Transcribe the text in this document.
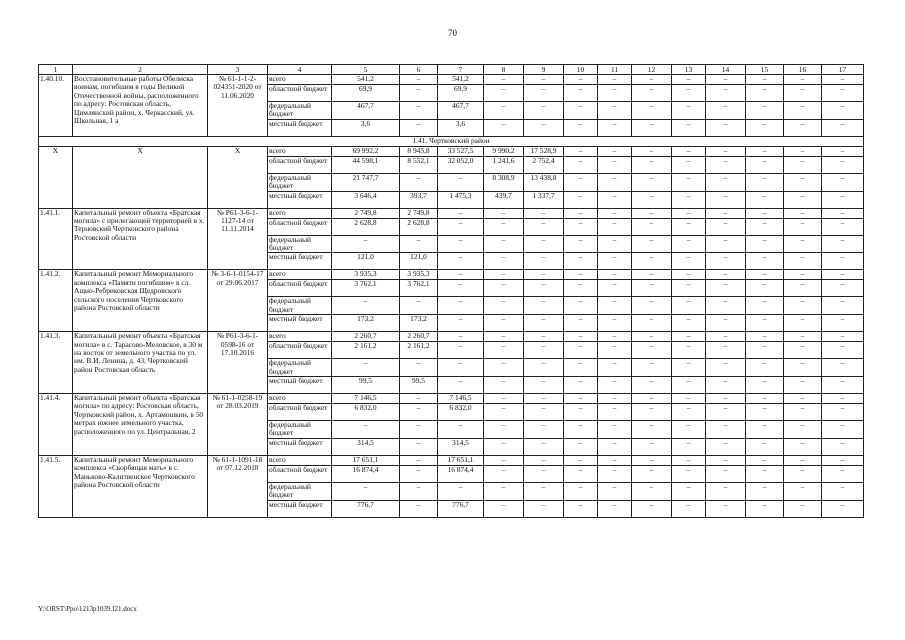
70
1	2	3	4	5	6	7	8	9	10	11	12	13	14	15	16	17
1.40.10.	Восстановительные работы Обелиска воинам, погибшим в годы Великой Отечественной войны, расположенного по адресу: Ростовская область, Цимлянский район, х. Черкасский, ул. Школьная, 1 а	№ 61-1-1-2-024351-2020 от 11.06.2020	всего	541,2	–	541,2	–	–	–	–	–	–	–	–	–	–
			областной бюджет	69,9	–	69,9	–	–	–	–	–	–	–	–	–	–
			федеральный бюджет	467,7	–	467,7	–	–	–	–	–	–	–	–	–	–
			местный бюджет	3,6	–	3,6	–	–	–	–	–	–	–	–	–	–
1.41. Чертковский район																
X	X	X	всего	69 992,2	8 945,8	33 527,5	9 990,2	17 528,9	–	–	–	–	–	–	–	–
			областной бюджет	44 598,1	8 552,1	32 052,0	1 241,6	2 752,4	–	–	–	–	–	–	–	–
			федеральный бюджет	21 747,7	–	–	8 308,9	13 438,8	–	–	–	–	–	–	–	–
			местный бюджет	3 646,4	393,7	1 475,3	439,7	1 337,7	–	–	–	–	–	–	–	–
1.41.1.	Капитальный ремонт объекта «Братская могила» с прилегающей территорией в х. Терновский Чертковского района Ростовской области	№ Р61-3-6-1-1127-14 от 11.11.2014	всего	2 749,8	2 749,8	–	–	–	–	–	–	–	–	–	–	–
			областной бюджет	2 628,8	2 628,8	–	–	–	–	–	–	–	–	–	–	–
			федеральный бюджет	–	–	–	–	–	–	–	–	–	–	–	–	–
			местный бюджет	121,0	121,0	–	–	–	–	–	–	–	–	–	–	–
1.41.2.	Капитальный ремонт Мемориального комплекса «Памяти погибшим» в сл. Ащно-Ребриковская Щедровского сельского поселения Чертковского района Ростовской области	№ 3-6-1-0154-17 от 29.06.2017	всего	3 935,3	3 935,3	–	–	–	–	–	–	–	–	–	–	–
			областной бюджет	3 762,1	3 762,1	–	–	–	–	–	–	–	–	–	–	–
			федеральный бюджет	–	–	–	–	–	–	–	–	–	–	–	–	–
			местный бюджет	173,2	173,2	–	–	–	–	–	–	–	–	–	–	–
1.41.3.	Капитальный ремонт объекта «Братская могила» в с. Тарасово-Меловское, в 30 м на восток от земельного участка по ул. им. В.И. Ленина, д. 43, Чертковский район Ростовская область	№ Р61-3-6-1-0598-16 от 17.10.2016	всего	2 260,7	2 260,7	–	–	–	–	–	–	–	–	–	–	–
			областной бюджет	2 161,2	2 161,2	–	–	–	–	–	–	–	–	–	–	–
			федеральный бюджет	–	–	–	–	–	–	–	–	–	–	–	–	–
			местный бюджет	99,5	99,5	–	–	–	–	–	–	–	–	–	–	–
1.41.4.	Капитальный ремонт объекта «Братская могила» по адресу: Ростовская область, Чертковский район, х. Артамошкин, в 50 метрах южнее земельного участка, расположенного по ул. Центральная, 2	№ 61-1-0258-19 от 28.03.2019	всего	7 146,5	–	7 146,5	–	–	–	–	–	–	–	–	–	–
			областной бюджет	6 832,0	–	6 832,0	–	–	–	–	–	–	–	–	–	–
			федеральный бюджет	–	–	–	–	–	–	–	–	–	–	–	–	–
			местный бюджет	314,5	–	314,5	–	–	–	–	–	–	–	–	–	–
1.41.5.	Капитальный ремонт Мемориального комплекса «Скорбящая мать» в с. Маньково-Калитвенское Чертковского района Ростовской области	№ 61-1-1091-18 от 07.12.2018	всего	17 651,1	–	17 651,1	–	–	–	–	–	–	–	–	–	–
			областной бюджет	16 874,4	–	16 874,4	–	–	–	–	–	–	–	–	–	–
			федеральный бюджет	–	–	–	–	–	–	–	–	–	–	–	–	–
			местный бюджет	776,7	–	776,7	–	–	–	–	–	–	–	–	–	–
Y:\ORST\Ppo\1213p1039.f21.docx
